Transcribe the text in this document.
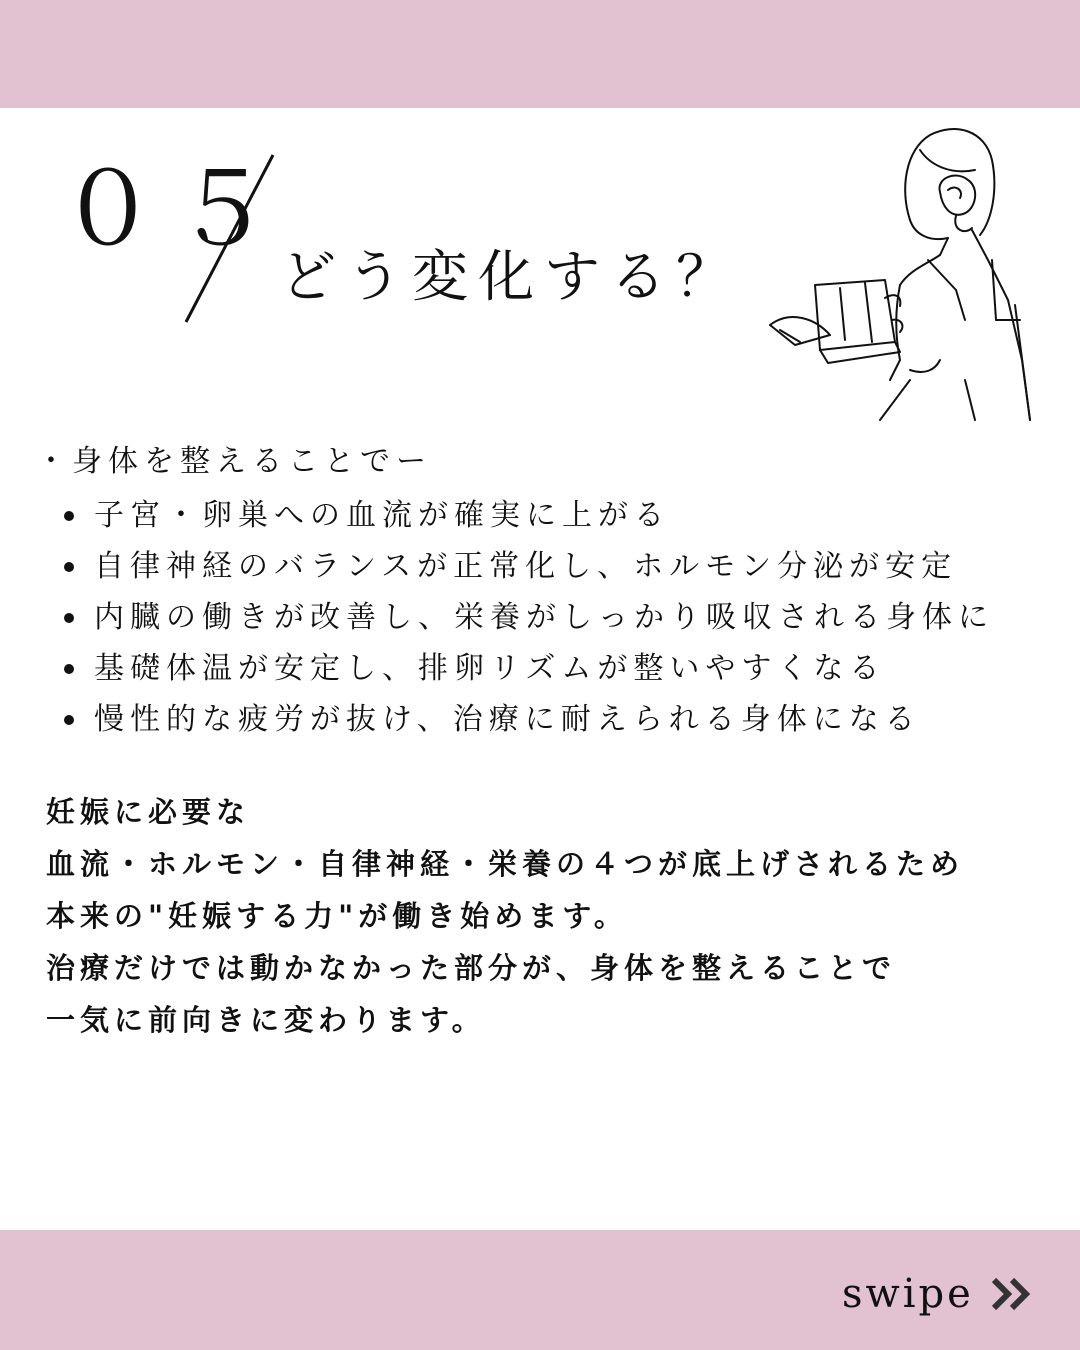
０５
どう変化する？
・身体を整えることでー
子宮・卵巣への血流が確実に上がる
自律神経のバランスが正常化し、ホルモン分泌が安定
内臓の働きが改善し、栄養がしっかり吸収される身体に
基礎体温が安定し、排卵リズムが整いやすくなる
慢性的な疲労が抜け、治療に耐えられる身体になる
妊娠に必要な
血流・ホルモン・自律神経・栄養の４つが底上げされるため
本来の"妊娠する力"が働き始めます。
治療だけでは動かなかった部分が、身体を整えることで
一気に前向きに変わります。
swipe
